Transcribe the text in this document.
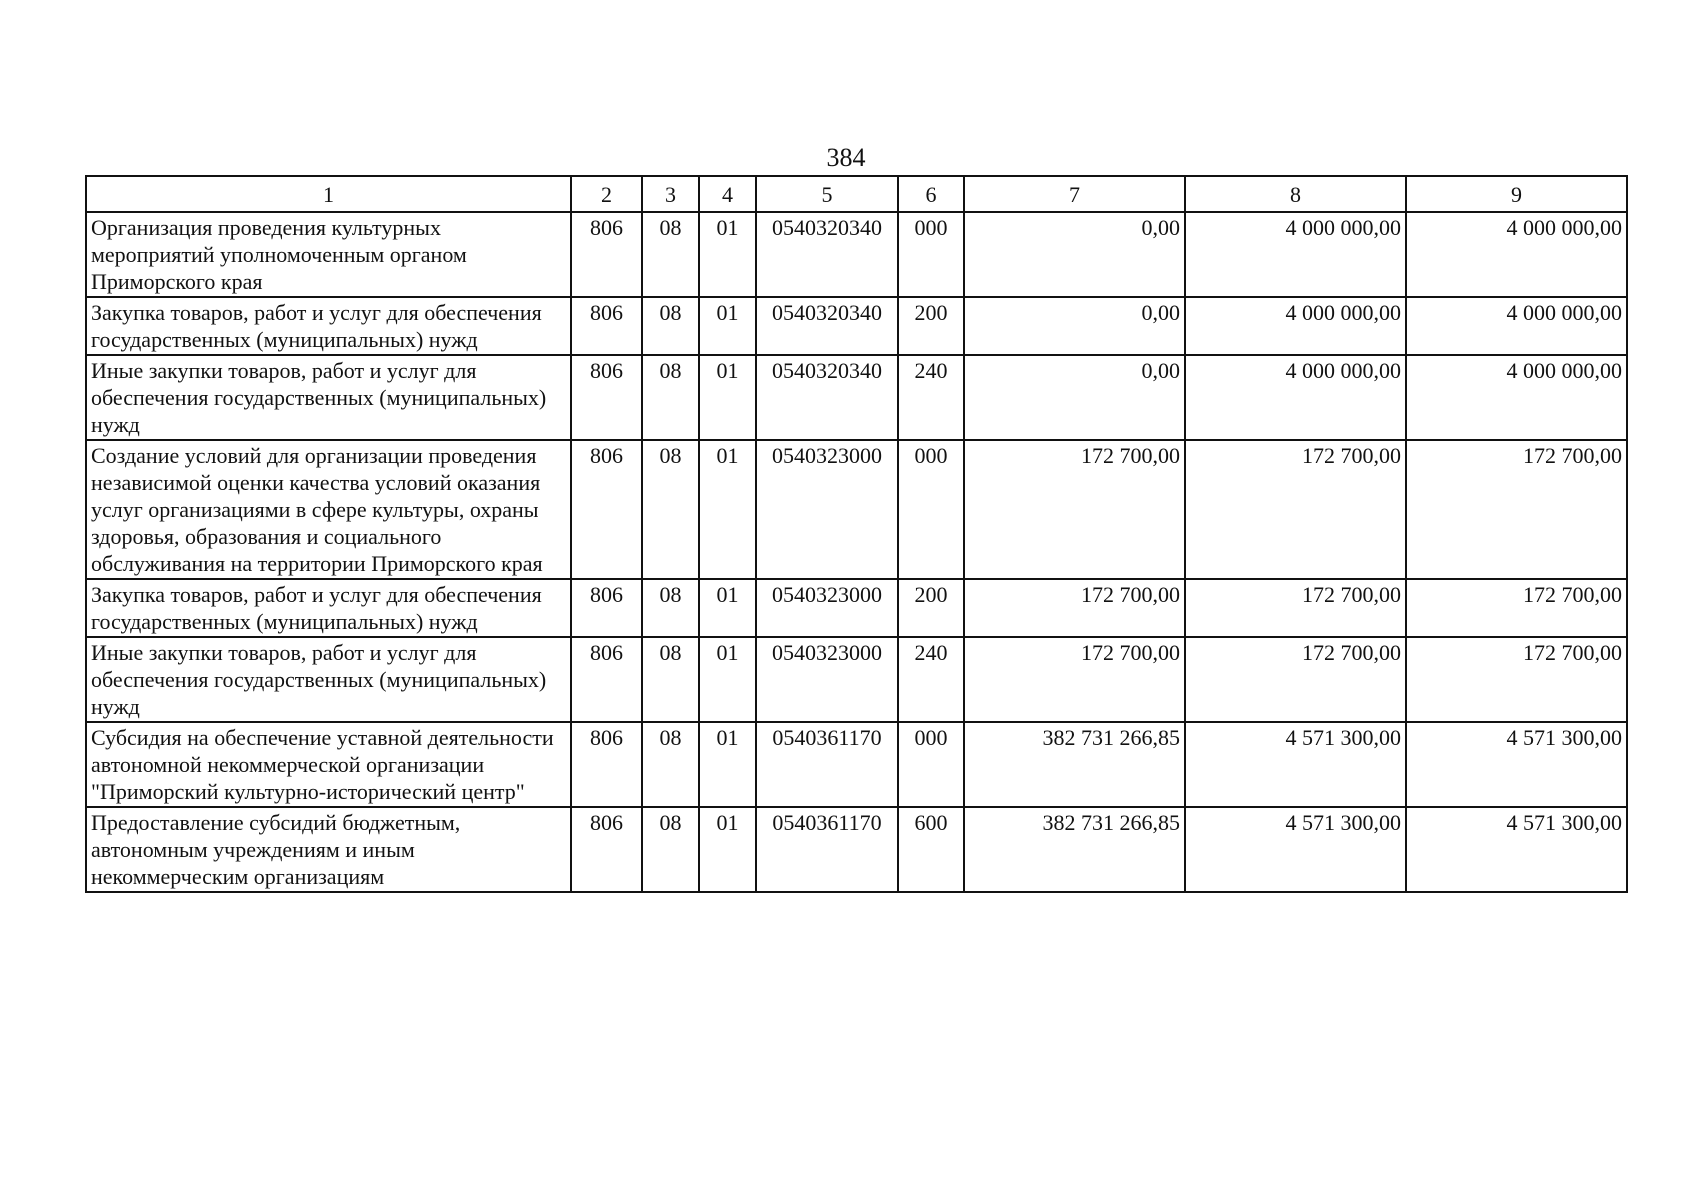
384
1	2	3	4	5	6	7	8	9
Организация проведения культурных мероприятий уполномоченным органом Приморского края	806	08	01	0540320340	000	0,00	4 000 000,00	4 000 000,00
Закупка товаров, работ и услуг для обеспечения государственных (муниципальных) нужд	806	08	01	0540320340	200	0,00	4 000 000,00	4 000 000,00
Иные закупки товаров, работ и услуг для обеспечения государственных (муниципальных) нужд	806	08	01	0540320340	240	0,00	4 000 000,00	4 000 000,00
Создание условий для организации проведения независимой оценки качества условий оказания услуг организациями в сфере культуры, охраны здоровья, образования и социального обслуживания на территории Приморского края	806	08	01	0540323000	000	172 700,00	172 700,00	172 700,00
Закупка товаров, работ и услуг для обеспечения государственных (муниципальных) нужд	806	08	01	0540323000	200	172 700,00	172 700,00	172 700,00
Иные закупки товаров, работ и услуг для обеспечения государственных (муниципальных) нужд	806	08	01	0540323000	240	172 700,00	172 700,00	172 700,00
Субсидия на обеспечение уставной деятельности автономной некоммерческой организации "Приморский культурно-исторический центр"	806	08	01	0540361170	000	382 731 266,85	4 571 300,00	4 571 300,00
Предоставление субсидий бюджетным, автономным учреждениям и иным некоммерческим организациям	806	08	01	0540361170	600	382 731 266,85	4 571 300,00	4 571 300,00
